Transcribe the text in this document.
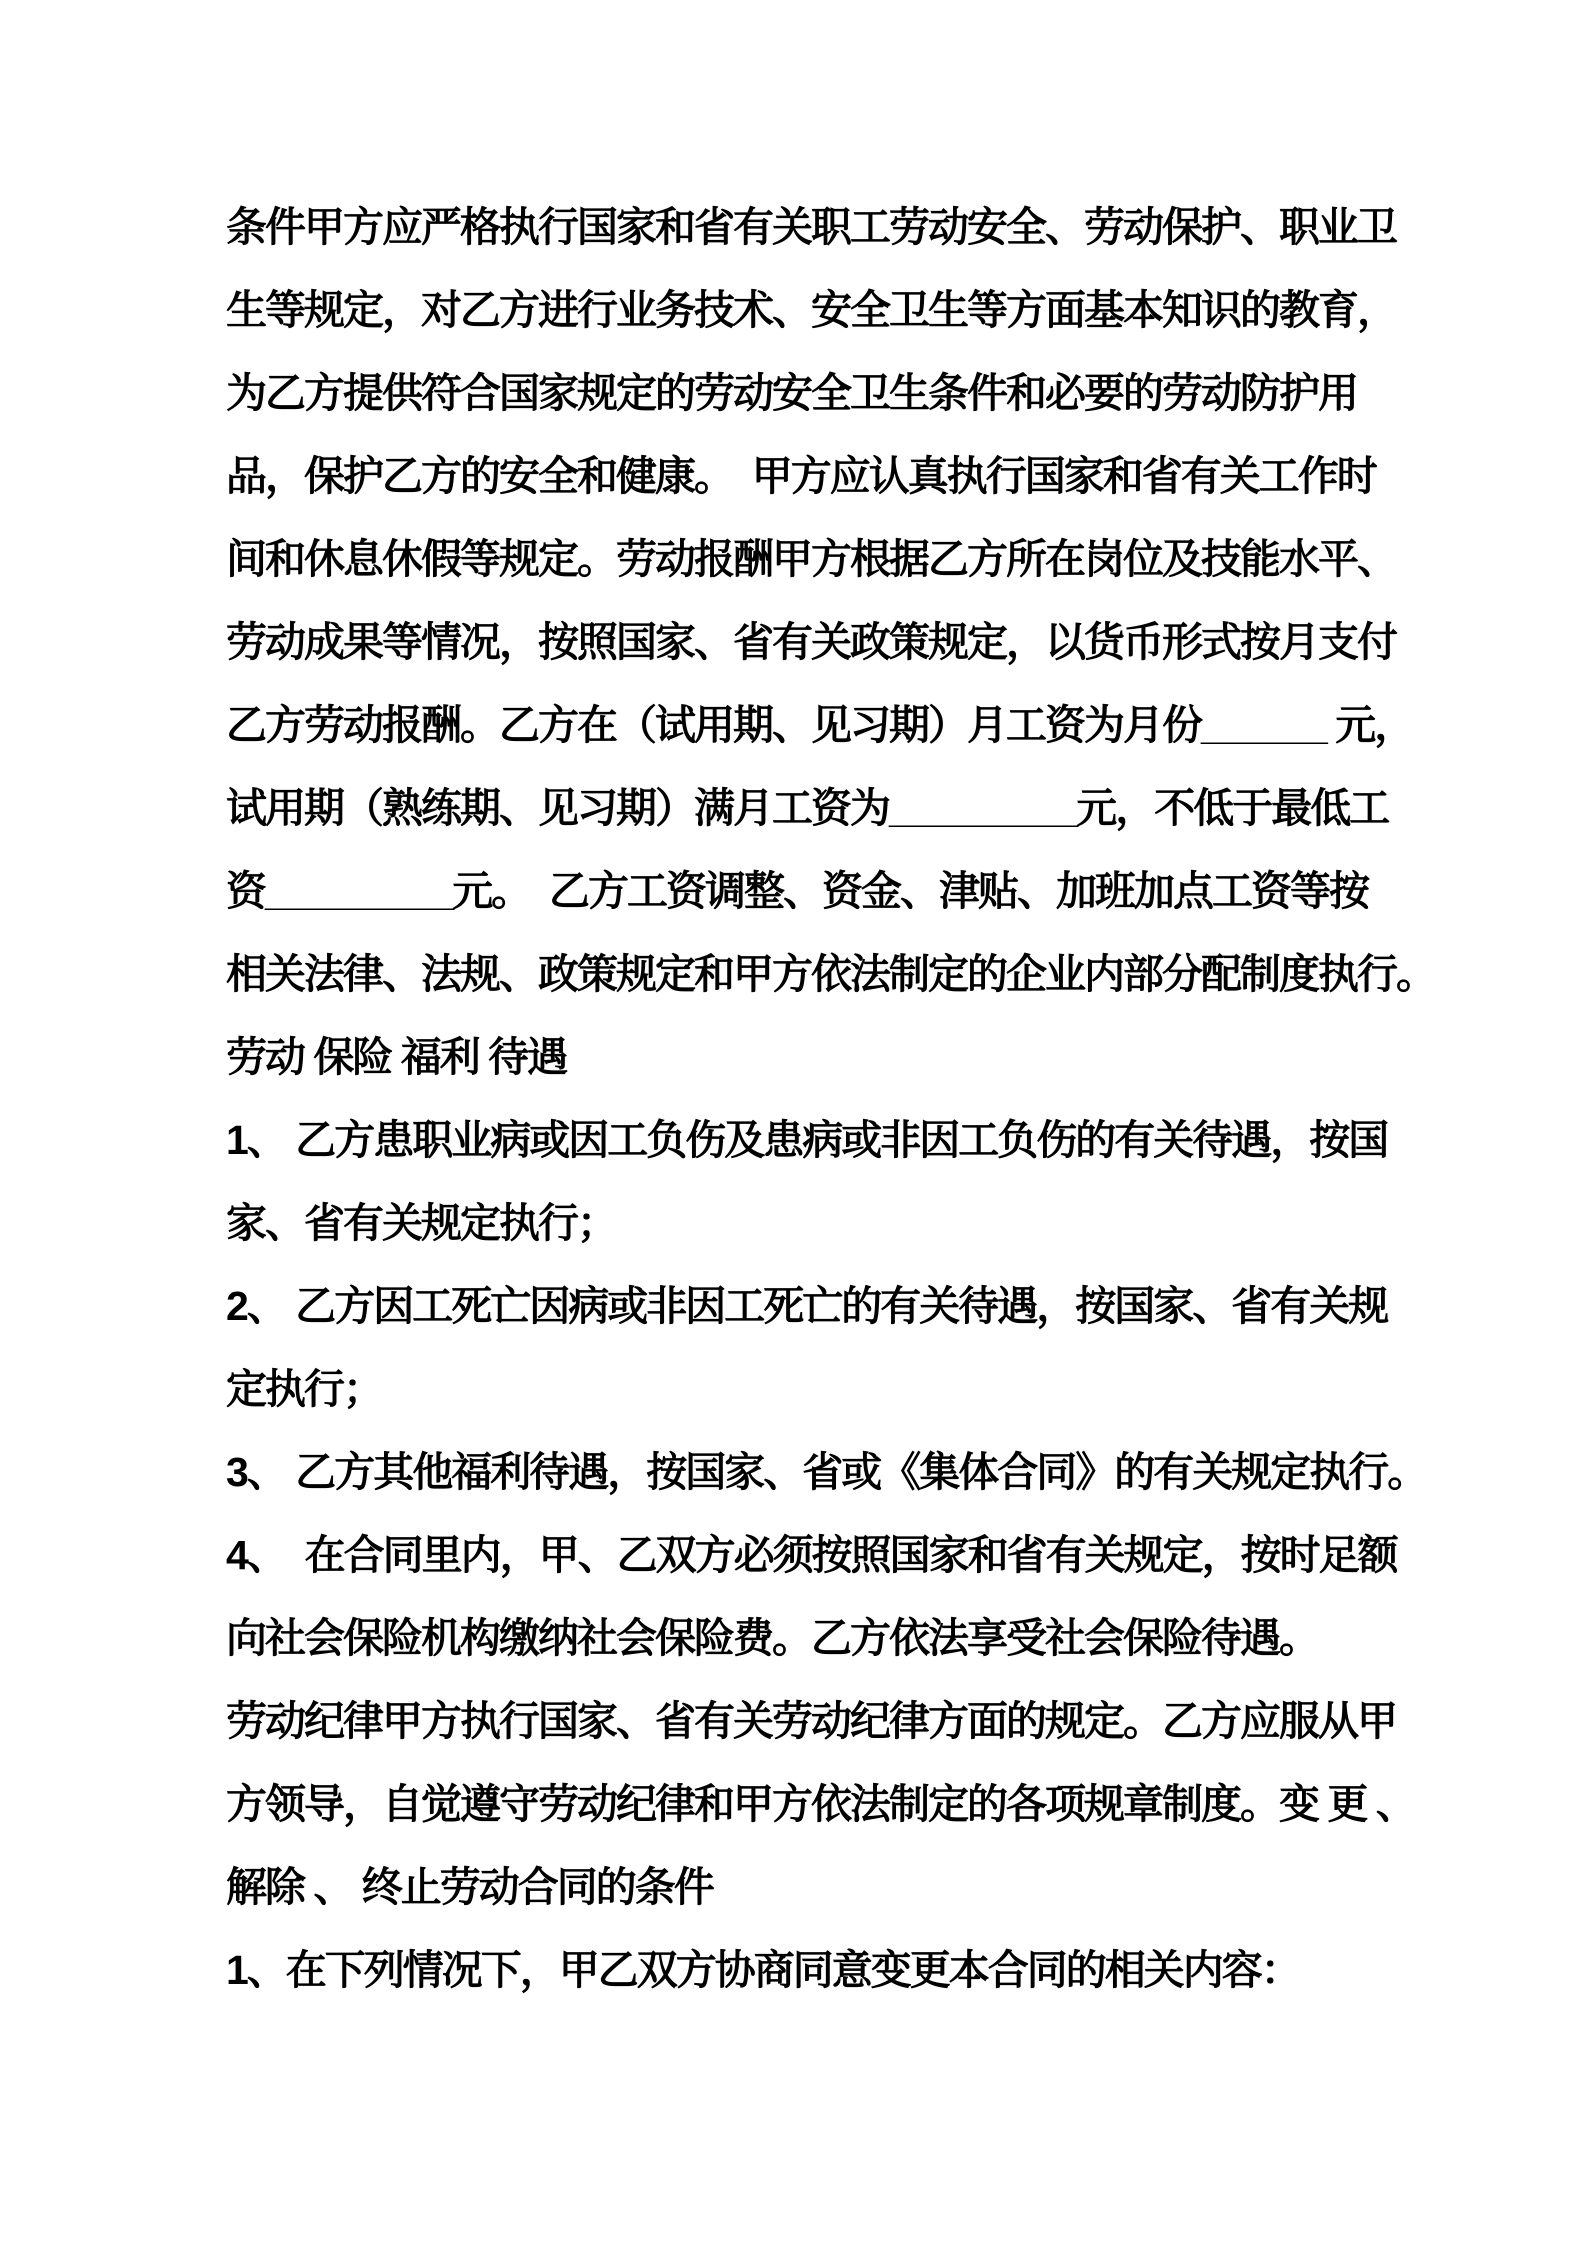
条件甲方应严格执行国家和省有关职工劳动安全、劳动保护、职业卫
生等规定，对乙方进行业务技术、安全卫生等方面基本知识的教育，
为乙方提供符合国家规定的劳动安全卫生条件和必要的劳动防护用
品，保护乙方的安全和健康。  甲方应认真执行国家和省有关工作时
间和休息休假等规定。劳动报酬甲方根据乙方所在岗位及技能水平、
劳动成果等情况，按照国家、省有关政策规定，以货币形式按月支付
乙方劳动报酬。乙方在（试用期、见习期）月工资为月份______ 元，
试用期（熟练期、见习期）满月工资为_________元，不低于最低工
资_________元。  乙方工资调整、资金、津贴、加班加点工资等按
相关法律、法规、政策规定和甲方依法制定的企业内部分配制度执行。
劳动 保险 福利 待遇
1、 乙方患职业病或因工负伤及患病或非因工负伤的有关待遇，按国
家、省有关规定执行；
2、 乙方因工死亡因病或非因工死亡的有关待遇，按国家、省有关规
定执行；
3、 乙方其他福利待遇，按国家、省或《集体合同》的有关规定执行。
4、  在合同里内，甲、乙双方必须按照国家和省有关规定，按时足额
向社会保险机构缴纳社会保险费。乙方依法享受社会保险待遇。
劳动纪律甲方执行国家、省有关劳动纪律方面的规定。乙方应服从甲
方领导，自觉遵守劳动纪律和甲方依法制定的各项规章制度。变 更 、
解除 、 终止劳动合同的条件
1、在下列情况下，甲乙双方协商同意变更本合同的相关内容：
